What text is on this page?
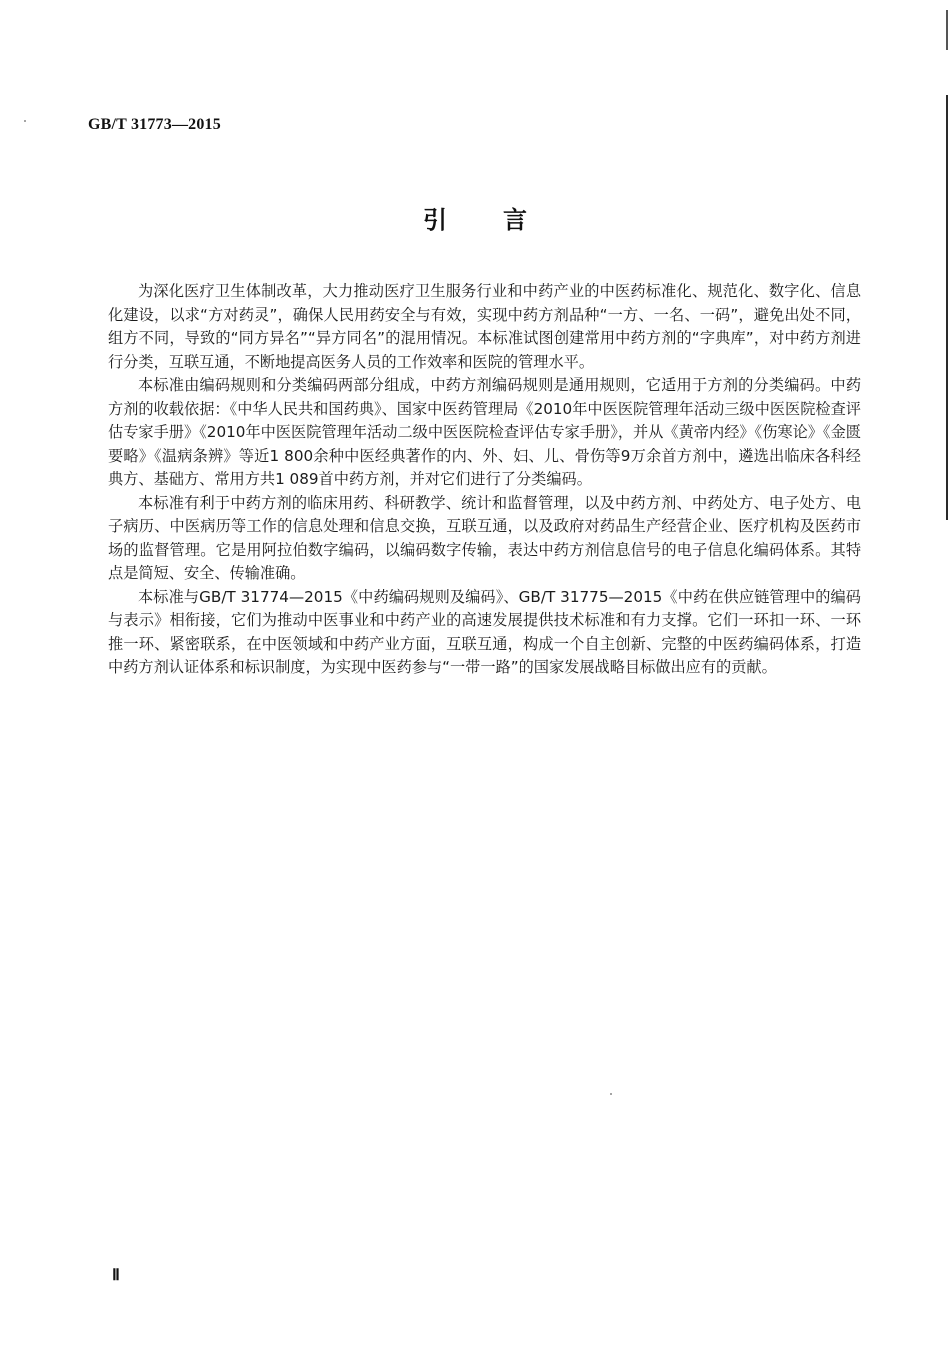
GB/T 31773—2015
引言

为深化医疗卫生体制改革，大力推动医疗卫生服务行业和中药产业的中医药标准化、规范化、数字化、信息化建设，以求“方对药灵”，确保人民用药安全与有效，实现中药方剂品种“一方、一名、一码”，避免出处不同，组方不同，导致的“同方异名”“异方同名”的混用情况。本标准试图创建常用中药方剂的“字典库”，对中药方剂进行分类，互联互通，不断地提高医务人员的工作效率和医院的管理水平。

本标准由编码规则和分类编码两部分组成，中药方剂编码规则是通用规则，它适用于方剂的分类编码。中药方剂的收载依据：《中华人民共和国药典》、国家中医药管理局《2010年中医医院管理年活动三级中医医院检查评估专家手册》《2010年中医医院管理年活动二级中医医院检查评估专家手册》，并从《黄帝内经》《伤寒论》《金匮要略》《温病条辨》等近1 800余种中医经典著作的内、外、妇、儿、骨伤等9万余首方剂中，遴选出临床各科经典方、基础方、常用方共1 089首中药方剂，并对它们进行了分类编码。

本标准有利于中药方剂的临床用药、科研教学、统计和监督管理，以及中药方剂、中药处方、电子处方、电子病历、中医病历等工作的信息处理和信息交换，互联互通，以及政府对药品生产经营企业、医疗机构及医药市场的监督管理。它是用阿拉伯数字编码，以编码数字传输，表达中药方剂信息信号的电子信息化编码体系。其特点是简短、安全、传输准确。

本标准与GB/T 31774—2015《中药编码规则及编码》、GB/T 31775—2015《中药在供应链管理中的编码与表示》相衔接，它们为推动中医事业和中药产业的高速发展提供技术标准和有力支撑。它们一环扣一环、一环推一环、紧密联系，在中医领域和中药产业方面，互联互通，构成一个自主创新、完整的中医药编码体系，打造中药方剂认证体系和标识制度，为实现中医药参与“一带一路”的国家发展战略目标做出应有的贡献。

Ⅱ
